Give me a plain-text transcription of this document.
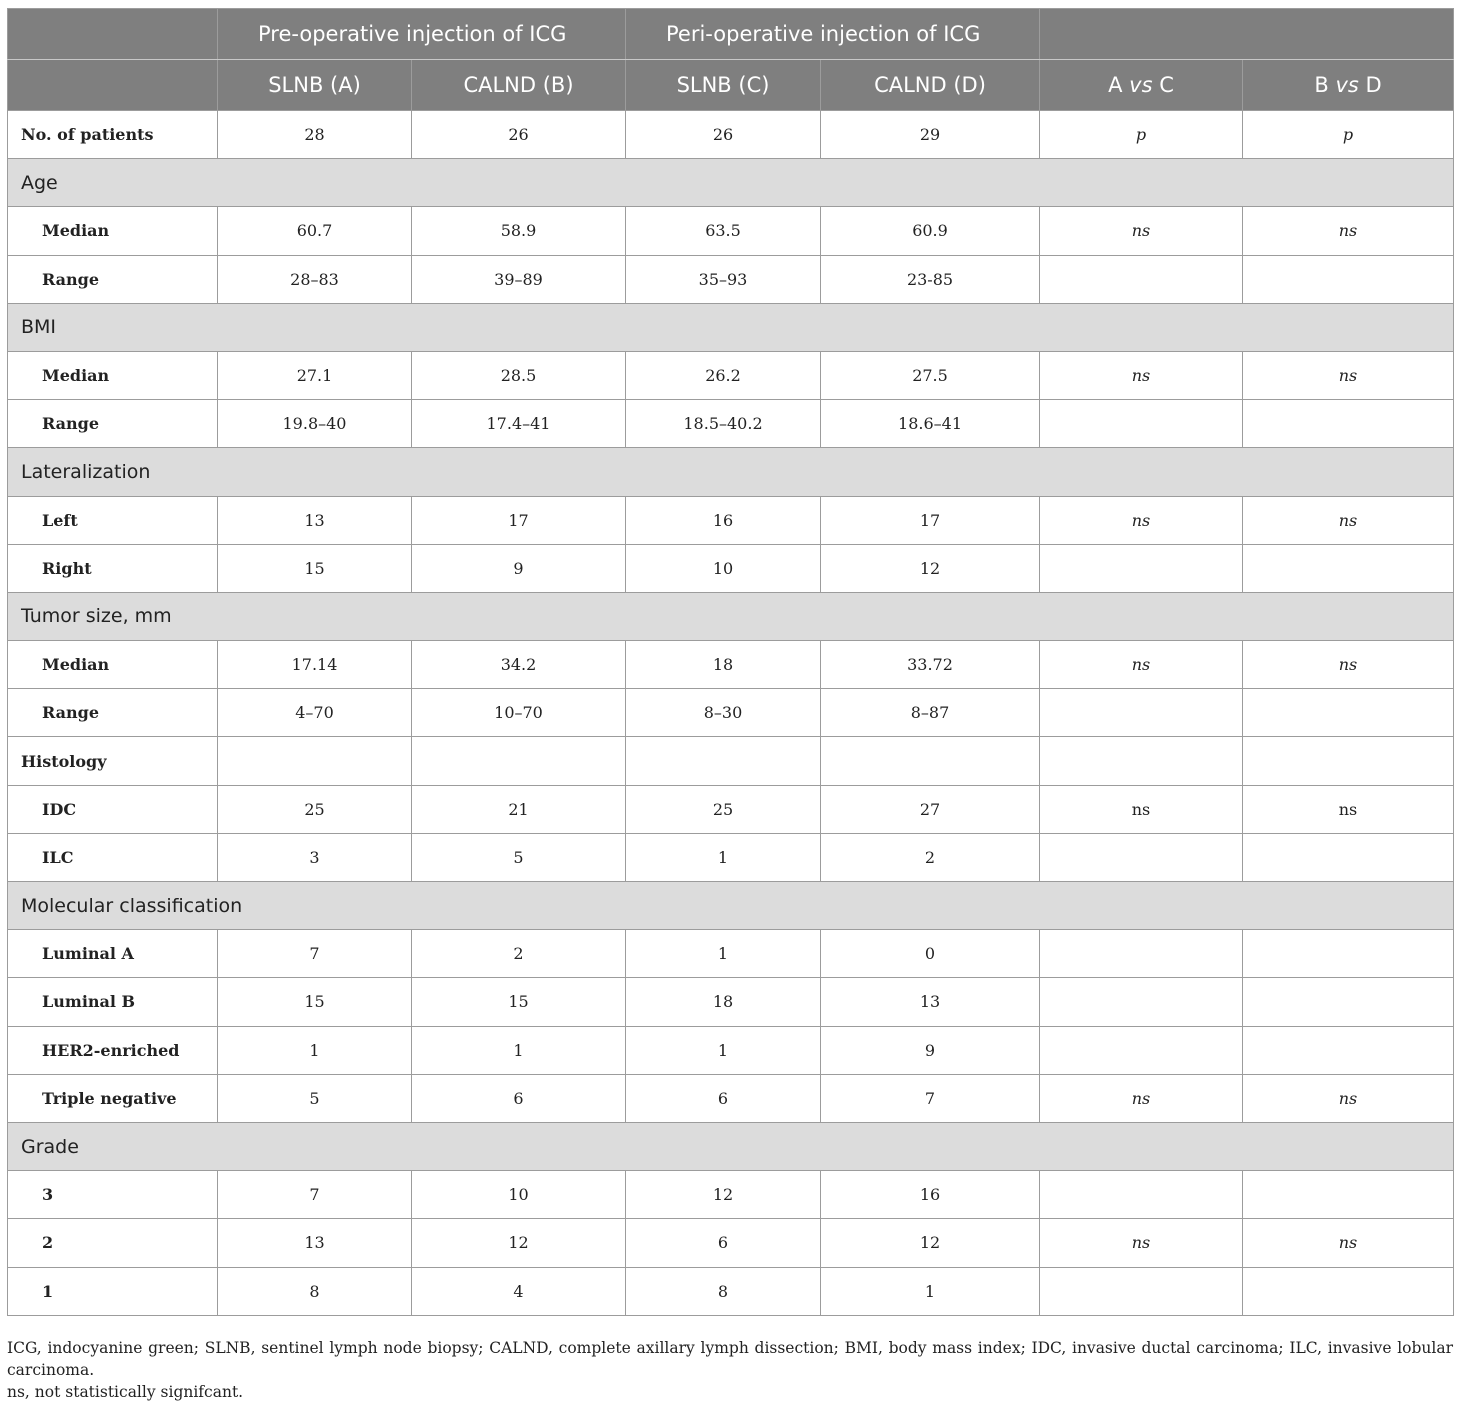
	Pre-operative injection of ICG		Peri-operative injection of ICG			
	SLNB (A)	CALND (B)	SLNB (C)	CALND (D)	A vs C	B vs D
No. of patients	28	26	26	29	p	p
Age						
Median	60.7	58.9	63.5	60.9	ns	ns
Range	28–83	39–89	35–93	23-85		
BMI						
Median	27.1	28.5	26.2	27.5	ns	ns
Range	19.8–40	17.4–41	18.5–40.2	18.6–41		
Lateralization						
Left	13	17	16	17	ns	ns
Right	15	9	10	12		
Tumor size, mm						
Median	17.14	34.2	18	33.72	ns	ns
Range	4–70	10–70	8–30	8–87		
Histology						
IDC	25	21	25	27	ns	ns
ILC	3	5	1	2		
Molecular classification						
Luminal A	7	2	1	0		
Luminal B	15	15	18	13		
HER2-enriched	1	1	1	9		
Triple negative	5	6	6	7	ns	ns
Grade						
3	7	10	12	16		
2	13	12	6	12	ns	ns
1	8	4	8	1		

ICG, indocyanine green; SLNB, sentinel lymph node biopsy; CALND, complete axillary lymph dissection; BMI, body mass index; IDC, invasive ductal carcinoma; ILC, invasive lobular carcinoma.

ns, not statistically signifcant.
